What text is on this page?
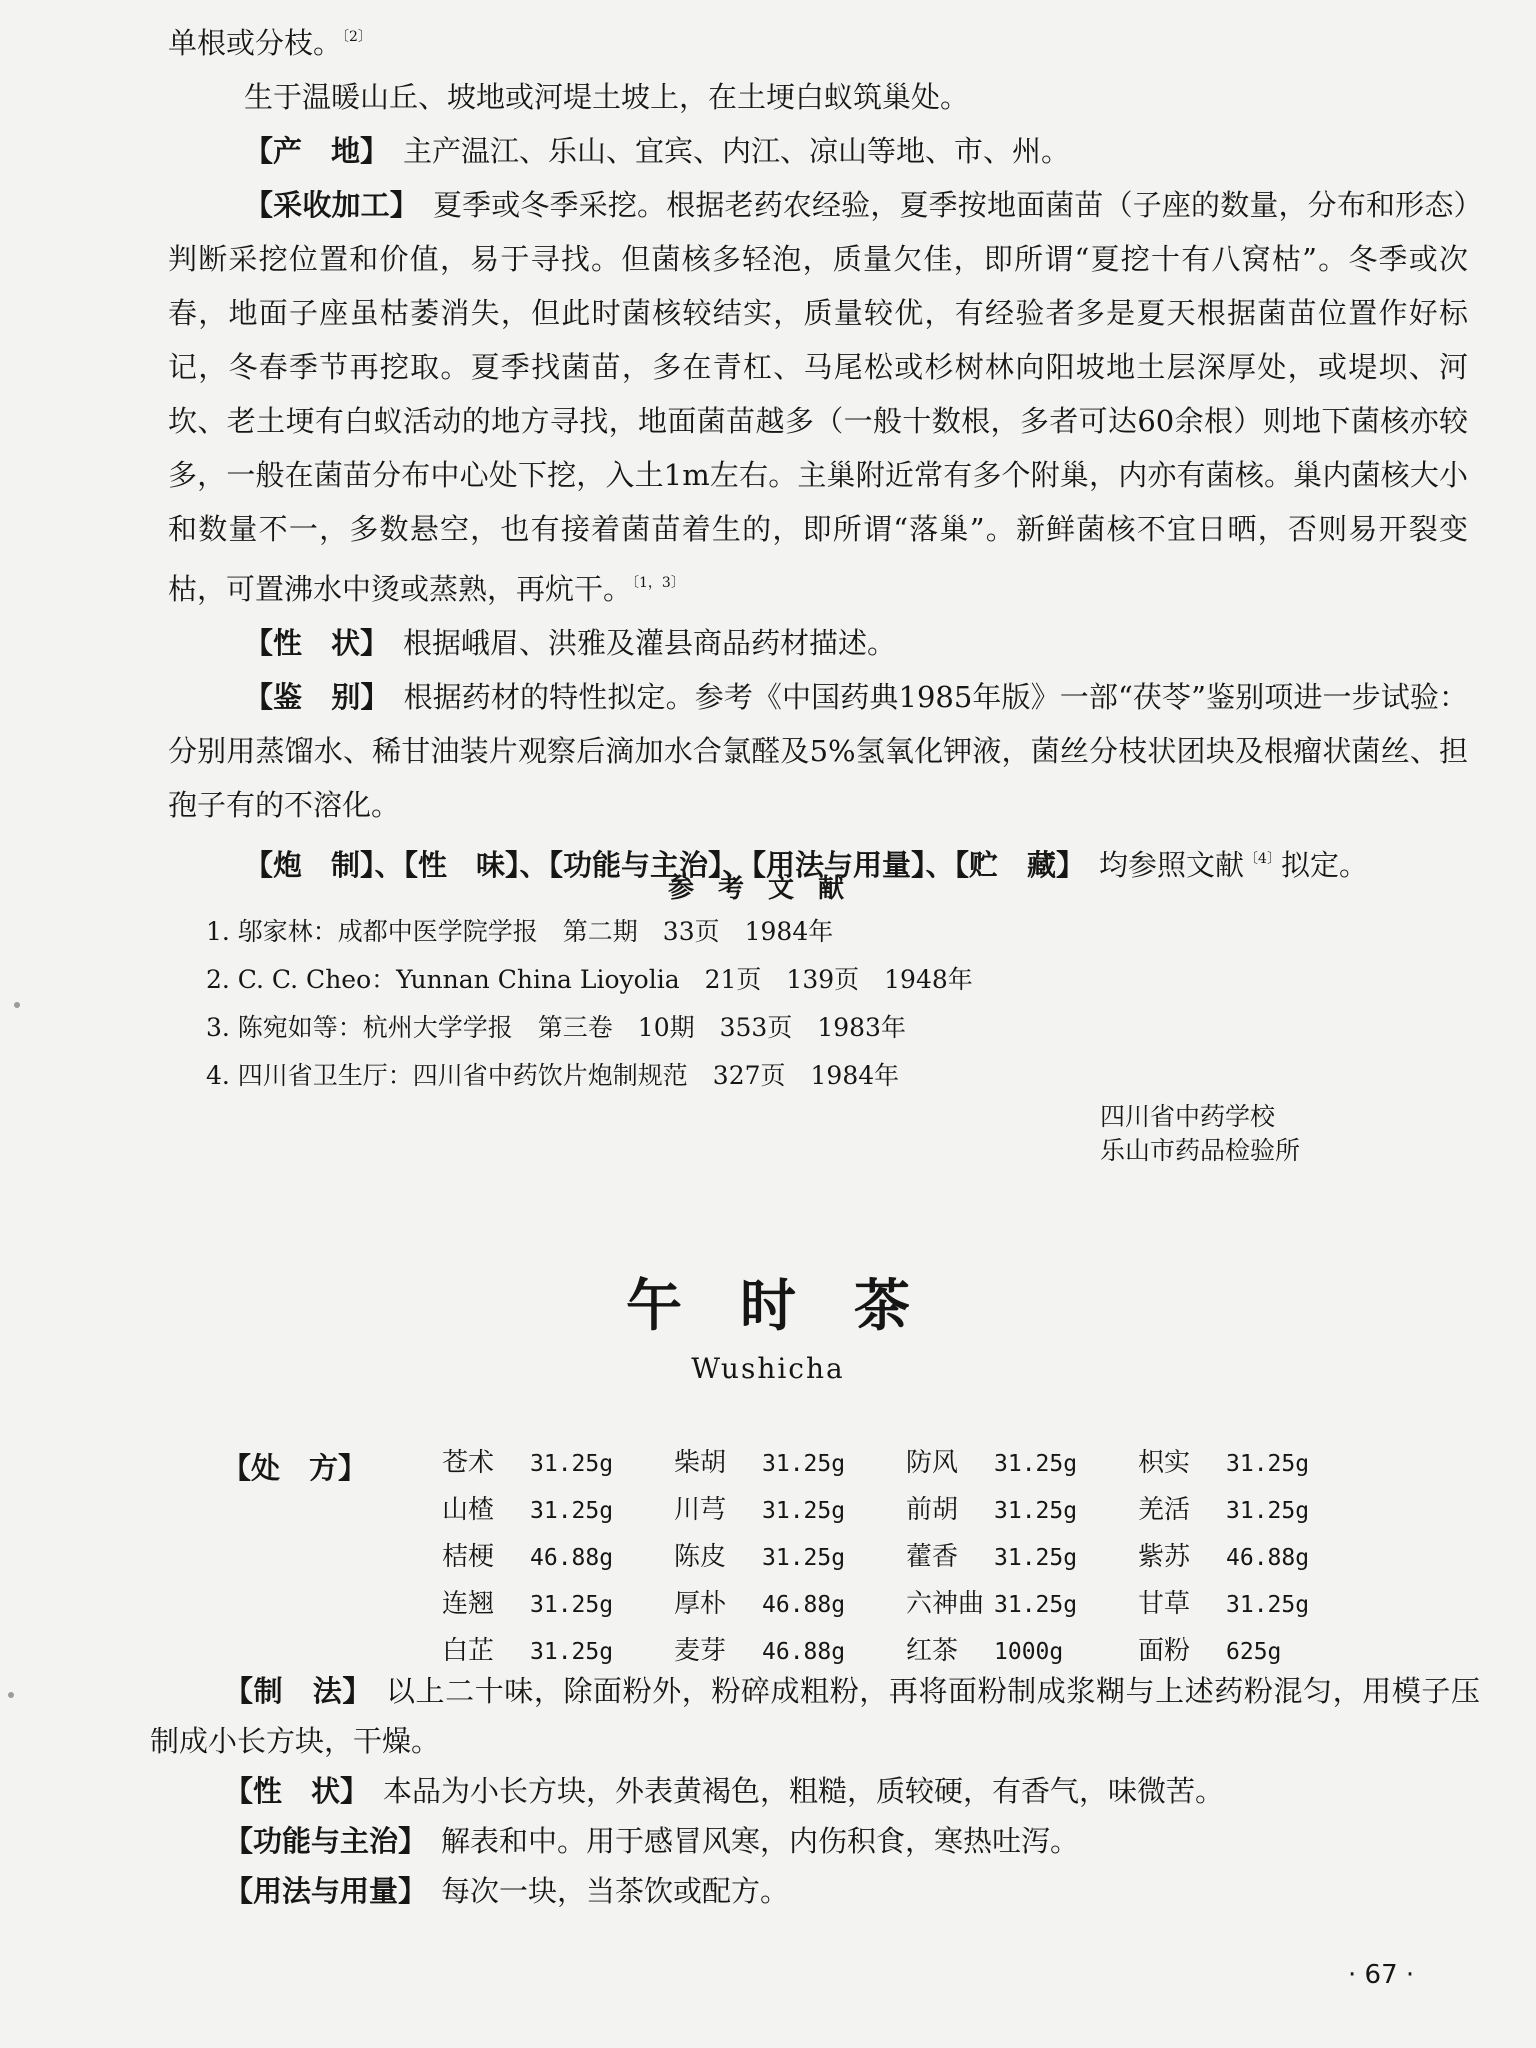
单根或分枝。$^{〔2〕}$

生于温暖山丘、坡地或河堤土坡上，在土埂白蚁筑巢处。

【产　地】 主产温江、乐山、宜宾、内江、凉山等地、市、州。

【采收加工】 夏季或冬季采挖。根据老药农经验，夏季按地面菌苗（子座的数量，分布和形态）判断采挖位置和价值，易于寻找。但菌核多轻泡，质量欠佳，即所谓“夏挖十有八窝枯”。冬季或次春，地面子座虽枯萎消失，但此时菌核较结实，质量较优，有经验者多是夏天根据菌苗位置作好标记，冬春季节再挖取。夏季找菌苗，多在青杠、马尾松或杉树林向阳坡地土层深厚处，或堤坝、河坎、老土埂有白蚁活动的地方寻找，地面菌苗越多（一般十数根，多者可达60余根）则地下菌核亦较多，一般在菌苗分布中心处下挖，入土1m左右。主巢附近常有多个附巢，内亦有菌核。巢内菌核大小和数量不一，多数悬空，也有接着菌苗着生的，即所谓“落巢”。新鲜菌核不宜日晒，否则易开裂变枯，可置沸水中烫或蒸熟，再炕干。$^{〔1,3〕}$

【性　状】 根据峨眉、洪雅及灌县商品药材描述。

【鉴　别】 根据药材的特性拟定。参考《中国药典1985年版》一部“茯苓”鉴别项进一步试验：分别用蒸馏水、稀甘油装片观察后滴加水合氯醛及5%氢氧化钾液，菌丝分枝状团块及根瘤状菌丝、担孢子有的不溶化。

【炮　制】、【性　味】、【功能与主治】、【用法与用量】、【贮　藏】 均参照文献$^{〔4〕}$拟定。

参考文献
1. 邬家林：成都中医学院学报　第二期　33页　1984年
2. C. C. Cheo：Yunnan China Lioyolia　21页　139页　1948年
3. 陈宛如等：杭州大学学报　第三卷　10期　353页　1983年
4. 四川省卫生厅：四川省中药饮片炮制规范　327页　1984年
四川省中药学校
乐山市药品检验所
午时茶
Wushicha
【处　方】	苍术 31.25g	柴胡 31.25g	防风 31.25g	枳实 31.25g
山楂 31.25g	川芎 31.25g	前胡 31.25g	羌活 31.25g
桔梗 46.88g	陈皮 31.25g	藿香 31.25g	紫苏 46.88g
连翘 31.25g	厚朴 46.88g	六神曲 31.25g	甘草 31.25g
白芷 31.25g	麦芽 46.88g	红茶 1000g	面粉 625g

【制　法】 以上二十味，除面粉外，粉碎成粗粉，再将面粉制成浆糊与上述药粉混匀，用模子压制成小长方块，干燥。

【性　状】 本品为小长方块，外表黄褐色，粗糙，质较硬，有香气，味微苦。

【功能与主治】 解表和中。用于感冒风寒，内伤积食，寒热吐泻。

【用法与用量】 每次一块，当茶饮或配方。

· 67 ·
